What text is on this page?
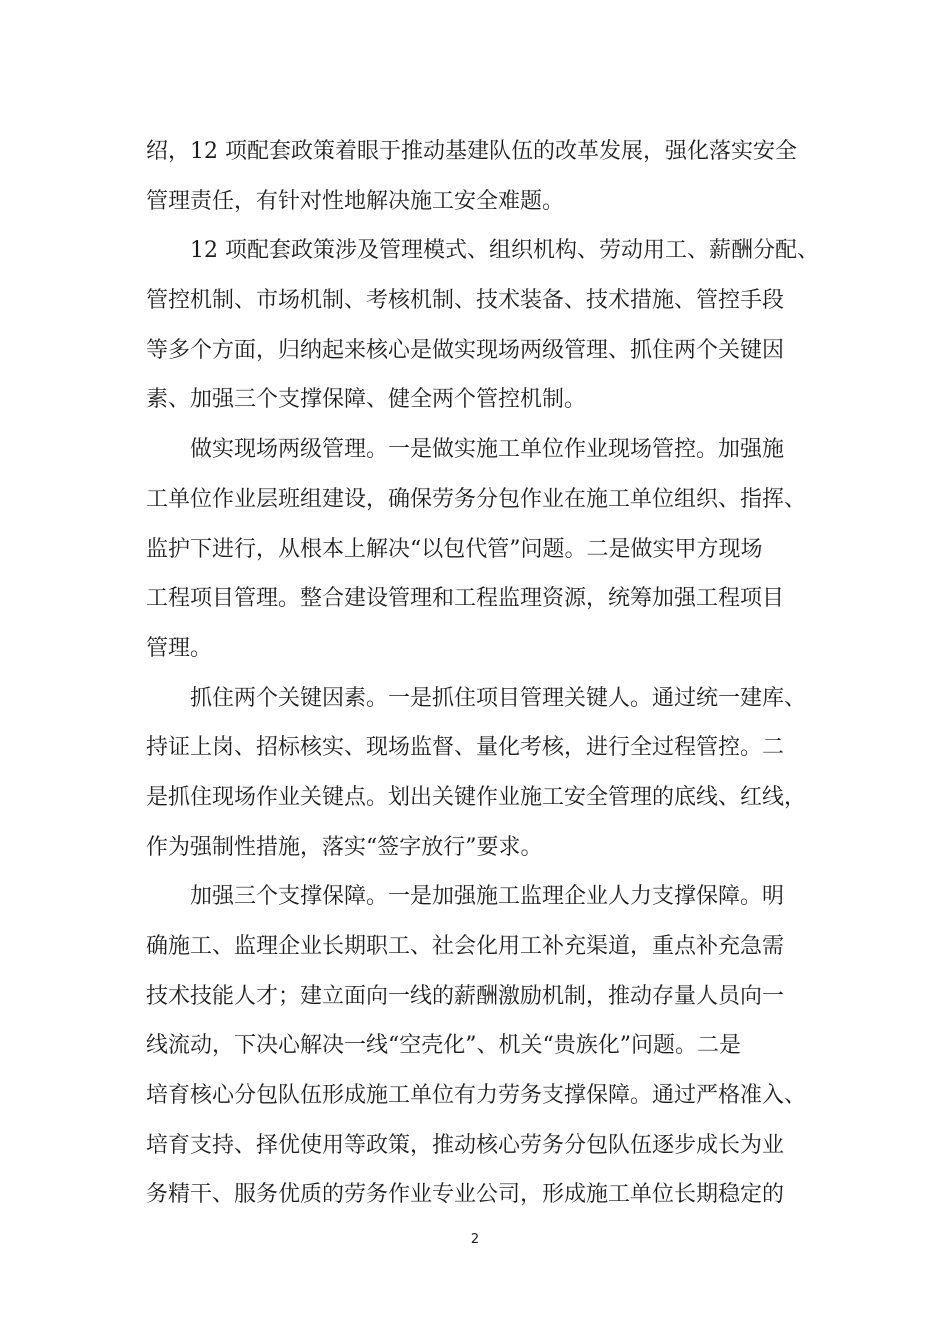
绍，12 项配套政策着眼于推动基建队伍的改革发展，强化落实安全
管理责任，有针对性地解决施工安全难题。
　　12 项配套政策涉及管理模式、组织机构、劳动用工、薪酬分配、
管控机制、市场机制、考核机制、技术装备、技术措施、管控手段
等多个方面，归纳起来核心是做实现场两级管理、抓住两个关键因
素、加强三个支撑保障、健全两个管控机制。
　　做实现场两级管理。一是做实施工单位作业现场管控。加强施
工单位作业层班组建设，确保劳务分包作业在施工单位组织、指挥、
监护下进行，从根本上解决“以包代管”问题。二是做实甲方现场
工程项目管理。整合建设管理和工程监理资源，统筹加强工程项目
管理。
　　抓住两个关键因素。一是抓住项目管理关键人。通过统一建库、
持证上岗、招标核实、现场监督、量化考核，进行全过程管控。二
是抓住现场作业关键点。划出关键作业施工安全管理的底线、红线，
作为强制性措施，落实“签字放行”要求。
　　加强三个支撑保障。一是加强施工监理企业人力支撑保障。明
确施工、监理企业长期职工、社会化用工补充渠道，重点补充急需
技术技能人才；建立面向一线的薪酬激励机制，推动存量人员向一
线流动，下决心解决一线“空壳化”、机关“贵族化”问题。二是
培育核心分包队伍形成施工单位有力劳务支撑保障。通过严格准入、
培育支持、择优使用等政策，推动核心劳务分包队伍逐步成长为业
务精干、服务优质的劳务作业专业公司，形成施工单位长期稳定的
2
